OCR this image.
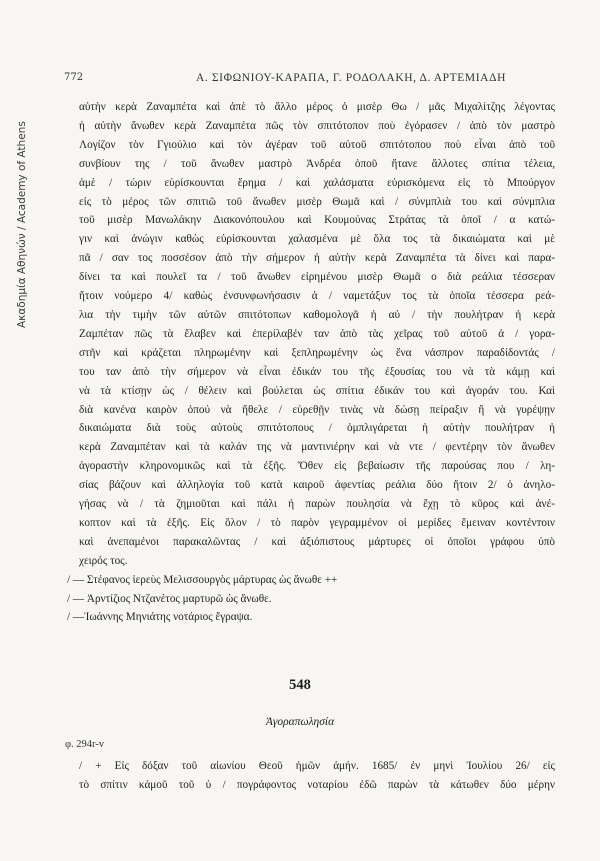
Ακαδημία Αθηνών / Academy of Athens
772	Α. ΣΙΦΩΝΙΟΥ-ΚΑΡΑΠΑ, Γ. ΡΟΔΟΛΑΚΗ, Δ. ΑΡΤΕΜΙΑΔΗ
αὐτὴν κερὰ Ζαναμπέτα καὶ ἀπὲ τὸ ἄλλο μέρος ὁ μισὲρ Θω / μᾶς Μιχαλίτζης λέγοντας
ἡ αὐτὴν ἄνωθεν κερὰ Ζαναμπέτα πῶς τὸν σπιτότοπον ποὺ ἐγόρασεν / ἀπὸ τὸν μαστρὸ
Λογίζον τὸν Γγιούλιο καὶ τὸν ἀγέραν τοῦ αὐτοῦ σπιτότοπου ποὺ εἶναι ἀπὸ τοῦ
συνβίουν της / τοῦ ἄνωθεν μαστρὸ Ἀνδρέα ὁποῦ ἤτανε ἄλλοτες σπίτια τέλεια,
ἀμὲ / τώριν εὑρίσκουνται ἔρημα / καὶ χαλάσματα εὑρισκόμενα εἰς τὸ Μπούργον
εἰς τὸ μέρος τῶν σπιτιῶ τοῦ ἄνωθεν μισὲρ Θωμᾶ καὶ / σύνμπλιὰ του καὶ σύνμπλια
τοῦ μισὲρ Μανωλάκην Διακονόπουλου καὶ Κουμούνας Στράτας τὰ ὁποῖ / α κατώ-
γιν καὶ ἀνώγιν καθὼς εὑρίσκουνται χαλασμένα μὲ ὅλα τος τὰ δικαιώματα καὶ μὲ
πᾶ / σαν τος ποσσέσον ἀπὸ τὴν σήμερον ἡ αὐτὴν κερὰ Ζαναμπέτα τὰ δίνει καὶ παρα-
δίνει τα καὶ πουλεῖ τα / τοῦ ἄνωθεν εἰρημένου μισὲρ Θωμᾶ ο διὰ ρεάλια τέσσεραν
ἤτοιν νούμερο 4/ καθὼς ἐνσυνφωνήσασιν ἀ / ναμετάξυν τος τὰ ὁποῖα τέσσερα ρεά-
λια τὴν τιμὴν τῶν αὐτῶν σπιτότοπων καθομολογᾶ ἡ αὐ / τὴν πουλήτραν ἡ κερὰ
Ζαμπέταν πῶς τὰ ἔλαβεν καὶ ἐπερίλαβέν ταν ἀπὸ τὰς χεῖρας τοῦ αὐτοῦ ἀ / γορα-
στῆν καὶ κράζεται πληρωμένην καὶ ξεπληρωμένην ὡς ἕνα νάσπρον παραδίδοντάς /
του ταν ἀπὸ τὴν σήμερον νὰ εἶναι ἐδικάν του τῆς ἐξουσίας του νὰ τὰ κάμῃ καὶ
νὰ τὰ κτίσῃν ὡς / θέλειν καὶ βούλεται ὡς σπίτια ἐδικάν του καὶ ἀγοράν του. Καὶ
διὰ κανένα καιρὸν ὁπού νὰ ἤθελε / εὑρεθῇν τινὰς νὰ δώσῃ πείραξιν ἢ νὰ γυρέψῃν
δικαιώματα διὰ τοὺς αὐτοὺς σπιτότοπους / ὀμπλιγάρεται ἡ αὐτὴν πουλήτραν ἡ
κερὰ Ζαναμπέταν καὶ τὰ καλάν της νὰ μαντινιέρην καὶ νὰ ντε / φεντέρην τὸν ἄνωθεν
ἀγοραστὴν κληρονομικῶς καὶ τὰ ἐξῆς. Ὅθεν εἰς βεβαίωσιν τῆς παρούσας που / λη-
σίας βάζουν καὶ ἀλληλογία τοῦ κατὰ καιροῦ ἀφεντίας ρεάλια δύο ἤτοιν 2/ ὁ ἀνηλο-
γήσας νὰ / τὰ ζημιοῦται καὶ πάλι ἡ παρὼν πουλησία νὰ ἔχῃ τὸ κῦρος καὶ ἀνέ-
κοπτον καὶ τὰ ἐξῆς. Εἰς ὅλον / τὸ παρὸν γεγραμμένον οἱ μερίδες ἔμειναν κοντένтоιν
καὶ ἀνεπαμένοι παρακαλῶντας / καὶ ἀξιόπιστους μάρτυρες οἱ ὁποῖοι γράφου ὑπὸ
χειρός τος.
/ — Στέφανος ἱερεὺς Μελισσουργὸς μάρτυρας ὡς ἄνωθε ++
/ — Ἀρντίζιος Ντζανέτος μαρτυρῶ ὡς ἄνωθε.
/ —Ἰωάννης Μηνιάτης νοτάριος ἔγραψα.
548
Ἀγοραπωλησία
φ. 294r-v
/ + Εἰς δόξαν τοῦ αἰωνίου Θεοῦ ἡμῶν ἀμήν. 1685/ ἐν μηνὶ Ἰουλίου 26/ εἰς
τὸ σπίτιν κάμοῦ τοῦ ὑ / πογράφοντος νοταρίου ἐδῶ παρὼν τὰ κάτωθεν δύο μέρην
